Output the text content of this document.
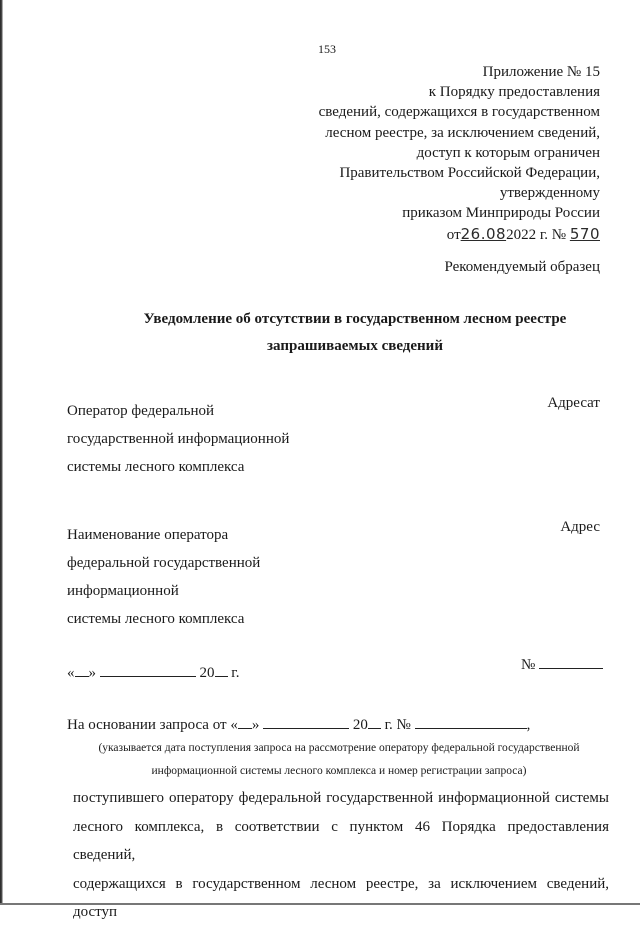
153
Приложение № 15
к Порядку предоставления
сведений, содержащихся в государственном
лесном реестре, за исключением сведений,
доступ к которым ограничен
Правительством Российской Федерации,
утвержденному
приказом Минприроды России
от26.082022 г. № 570
Рекомендуемый образец
Уведомление об отсутствии в государственном лесном реестре
запрашиваемых сведений
Оператор федеральной
государственной информационной
системы лесного комплекса
Адресат
Наименование оператора
федеральной государственной
информационной
системы лесного комплекса
Адрес
« »	20 г.	№
На основании запроса от « »	20 г. №	,
(указывается дата поступления запроса на рассмотрение оператору федеральной государственной
информационной системы лесного комплекса и номер регистрации запроса)
поступившего оператору федеральной государственной информационной системы
лесного комплекса, в соответствии с пунктом 46 Порядка предоставления сведений,
содержащихся в государственном лесном реестре, за исключением сведений, доступ
